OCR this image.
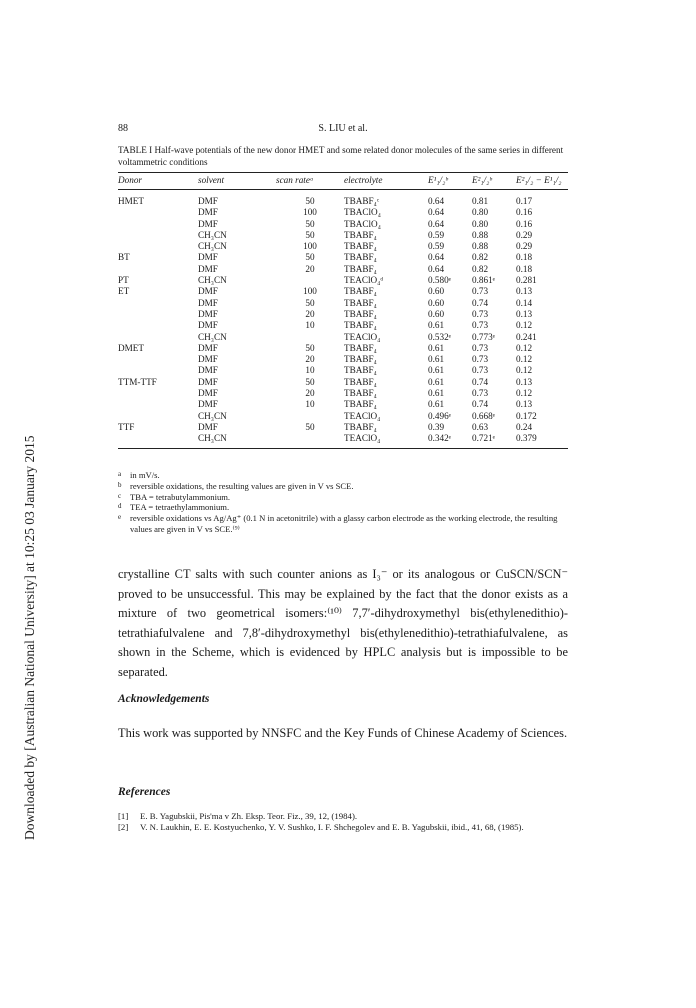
Downloaded by [Australian National University] at 10:25 03 January 2015
88	S. LIU et al.
TABLE I Half-wave potentials of the new donor HMET and some related donor molecules of the same series in different voltammetric conditions
Donor	solvent	scan rateᵃ	electrolyte	E¹₁/₂ᵇ	E²₁/₂ᵇ	E²₁/₂ − E¹₁/₂
HMET	DMF	50	TBABF₄ᶜ	0.64	0.81	0.17
	DMF	100	TBAClO₄	0.64	0.80	0.16
	DMF	50	TBAClO₄	0.64	0.80	0.16
	CH₃CN	50	TBABF₄	0.59	0.88	0.29
	CH₃CN	100	TBABF₄	0.59	0.88	0.29
BT	DMF	50	TBABF₄	0.64	0.82	0.18
	DMF	20	TBABF₄	0.64	0.82	0.18
PT	CH₃CN		TEAClO₄ᵈ	0.580ᵉ	0.861ᵉ	0.281
ET	DMF	100	TBABF₄	0.60	0.73	0.13
	DMF	50	TBABF₄	0.60	0.74	0.14
	DMF	20	TBABF₄	0.60	0.73	0.13
	DMF	10	TBABF₄	0.61	0.73	0.12
	CH₃CN		TEAClO₄	0.532ᵉ	0.773ᵉ	0.241
DMET	DMF	50	TBABF₄	0.61	0.73	0.12
	DMF	20	TBABF₄	0.61	0.73	0.12
	DMF	10	TBABF₄	0.61	0.73	0.12
TTM-TTF	DMF	50	TBABF₄	0.61	0.74	0.13
	DMF	20	TBABF₄	0.61	0.73	0.12
	DMF	10	TBABF₄	0.61	0.74	0.13
	CH₃CN		TEAClO₄	0.496ᵉ	0.668ᵉ	0.172
TTF	DMF	50	TBABF₄	0.39	0.63	0.24
	CH₃CN		TEAClO₄	0.342ᵉ	0.721ᵉ	0.379
a in mV/s.
b reversible oxidations, the resulting values are given in V vs SCE.
c TBA = tetrabutylammonium.
d TEA = tetraethylammonium.
e reversible oxidations vs Ag/Ag⁺ (0.1 N in acetonitrile) with a glassy carbon electrode as the working electrode, the resulting values are given in V vs SCE.⁽⁹⁾
crystalline CT salts with such counter anions as I₃⁻ or its analogous or CuSCN/SCN⁻ proved to be unsuccessful. This may be explained by the fact that the donor exists as a mixture of two geometrical isomers:⁽¹⁰⁾ 7,7′-dihydroxymethyl bis(ethylenedithio)-tetrathiafulvalene and 7,8′-dihydroxymethyl bis(ethylenedithio)-tetrathiafulvalene, as shown in the Scheme, which is evidenced by HPLC analysis but is impossible to be separated.
Acknowledgements
This work was supported by NNSFC and the Key Funds of Chinese Academy of Sciences.
References
[1] E. B. Yagubskii, Pis'ma v Zh. Eksp. Teor. Fiz., 39, 12, (1984).
[2] V. N. Laukhin, E. E. Kostyuchenko, Y. V. Sushko, I. F. Shchegolev and E. B. Yagubskii, ibid., 41, 68, (1985).
